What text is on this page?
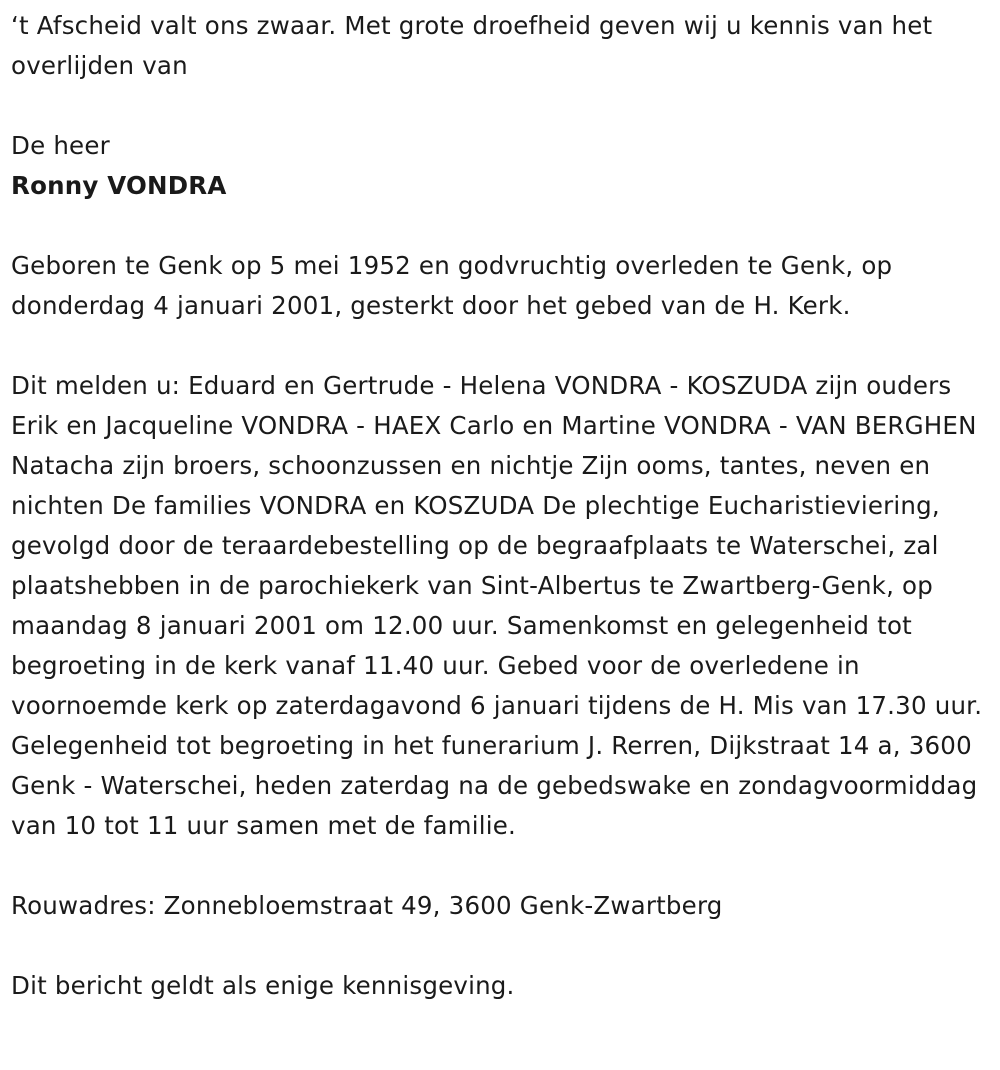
‘t Afscheid valt ons zwaar. Met grote droefheid geven wij u kennis van het overlijden van

De heer

Ronny VONDRA

Geboren te Genk op 5 mei 1952 en godvruchtig overleden te Genk, op donderdag 4 januari 2001, gesterkt door het gebed van de H. Kerk.

Dit melden u: Eduard en Gertrude - Helena VONDRA - KOSZUDA zijn ouders Erik en Jacqueline VONDRA - HAEX Carlo en Martine VONDRA - VAN BERGHEN Natacha zijn broers, schoonzussen en nichtje Zijn ooms, tantes, neven en nichten De families VONDRA en KOSZUDA De plechtige Eucharistieviering, gevolgd door de teraardebestelling op de begraafplaats te Waterschei, zal plaatshebben in de parochiekerk van Sint-Albertus te Zwartberg-Genk, op maandag 8 januari 2001 om 12.00 uur. Samenkomst en gelegenheid tot begroeting in de kerk vanaf 11.40 uur. Gebed voor de overledene in voornoemde kerk op zaterdagavond 6 januari tijdens de H. Mis van 17.30 uur. Gelegenheid tot begroeting in het funerarium J. Rerren, Dijkstraat 14 a, 3600 Genk - Waterschei, heden zaterdag na de gebedswake en zondagvoormiddag van 10 tot 11 uur samen met de familie.

Rouwadres: Zonnebloemstraat 49, 3600 Genk-Zwartberg

Dit bericht geldt als enige kennisgeving.
